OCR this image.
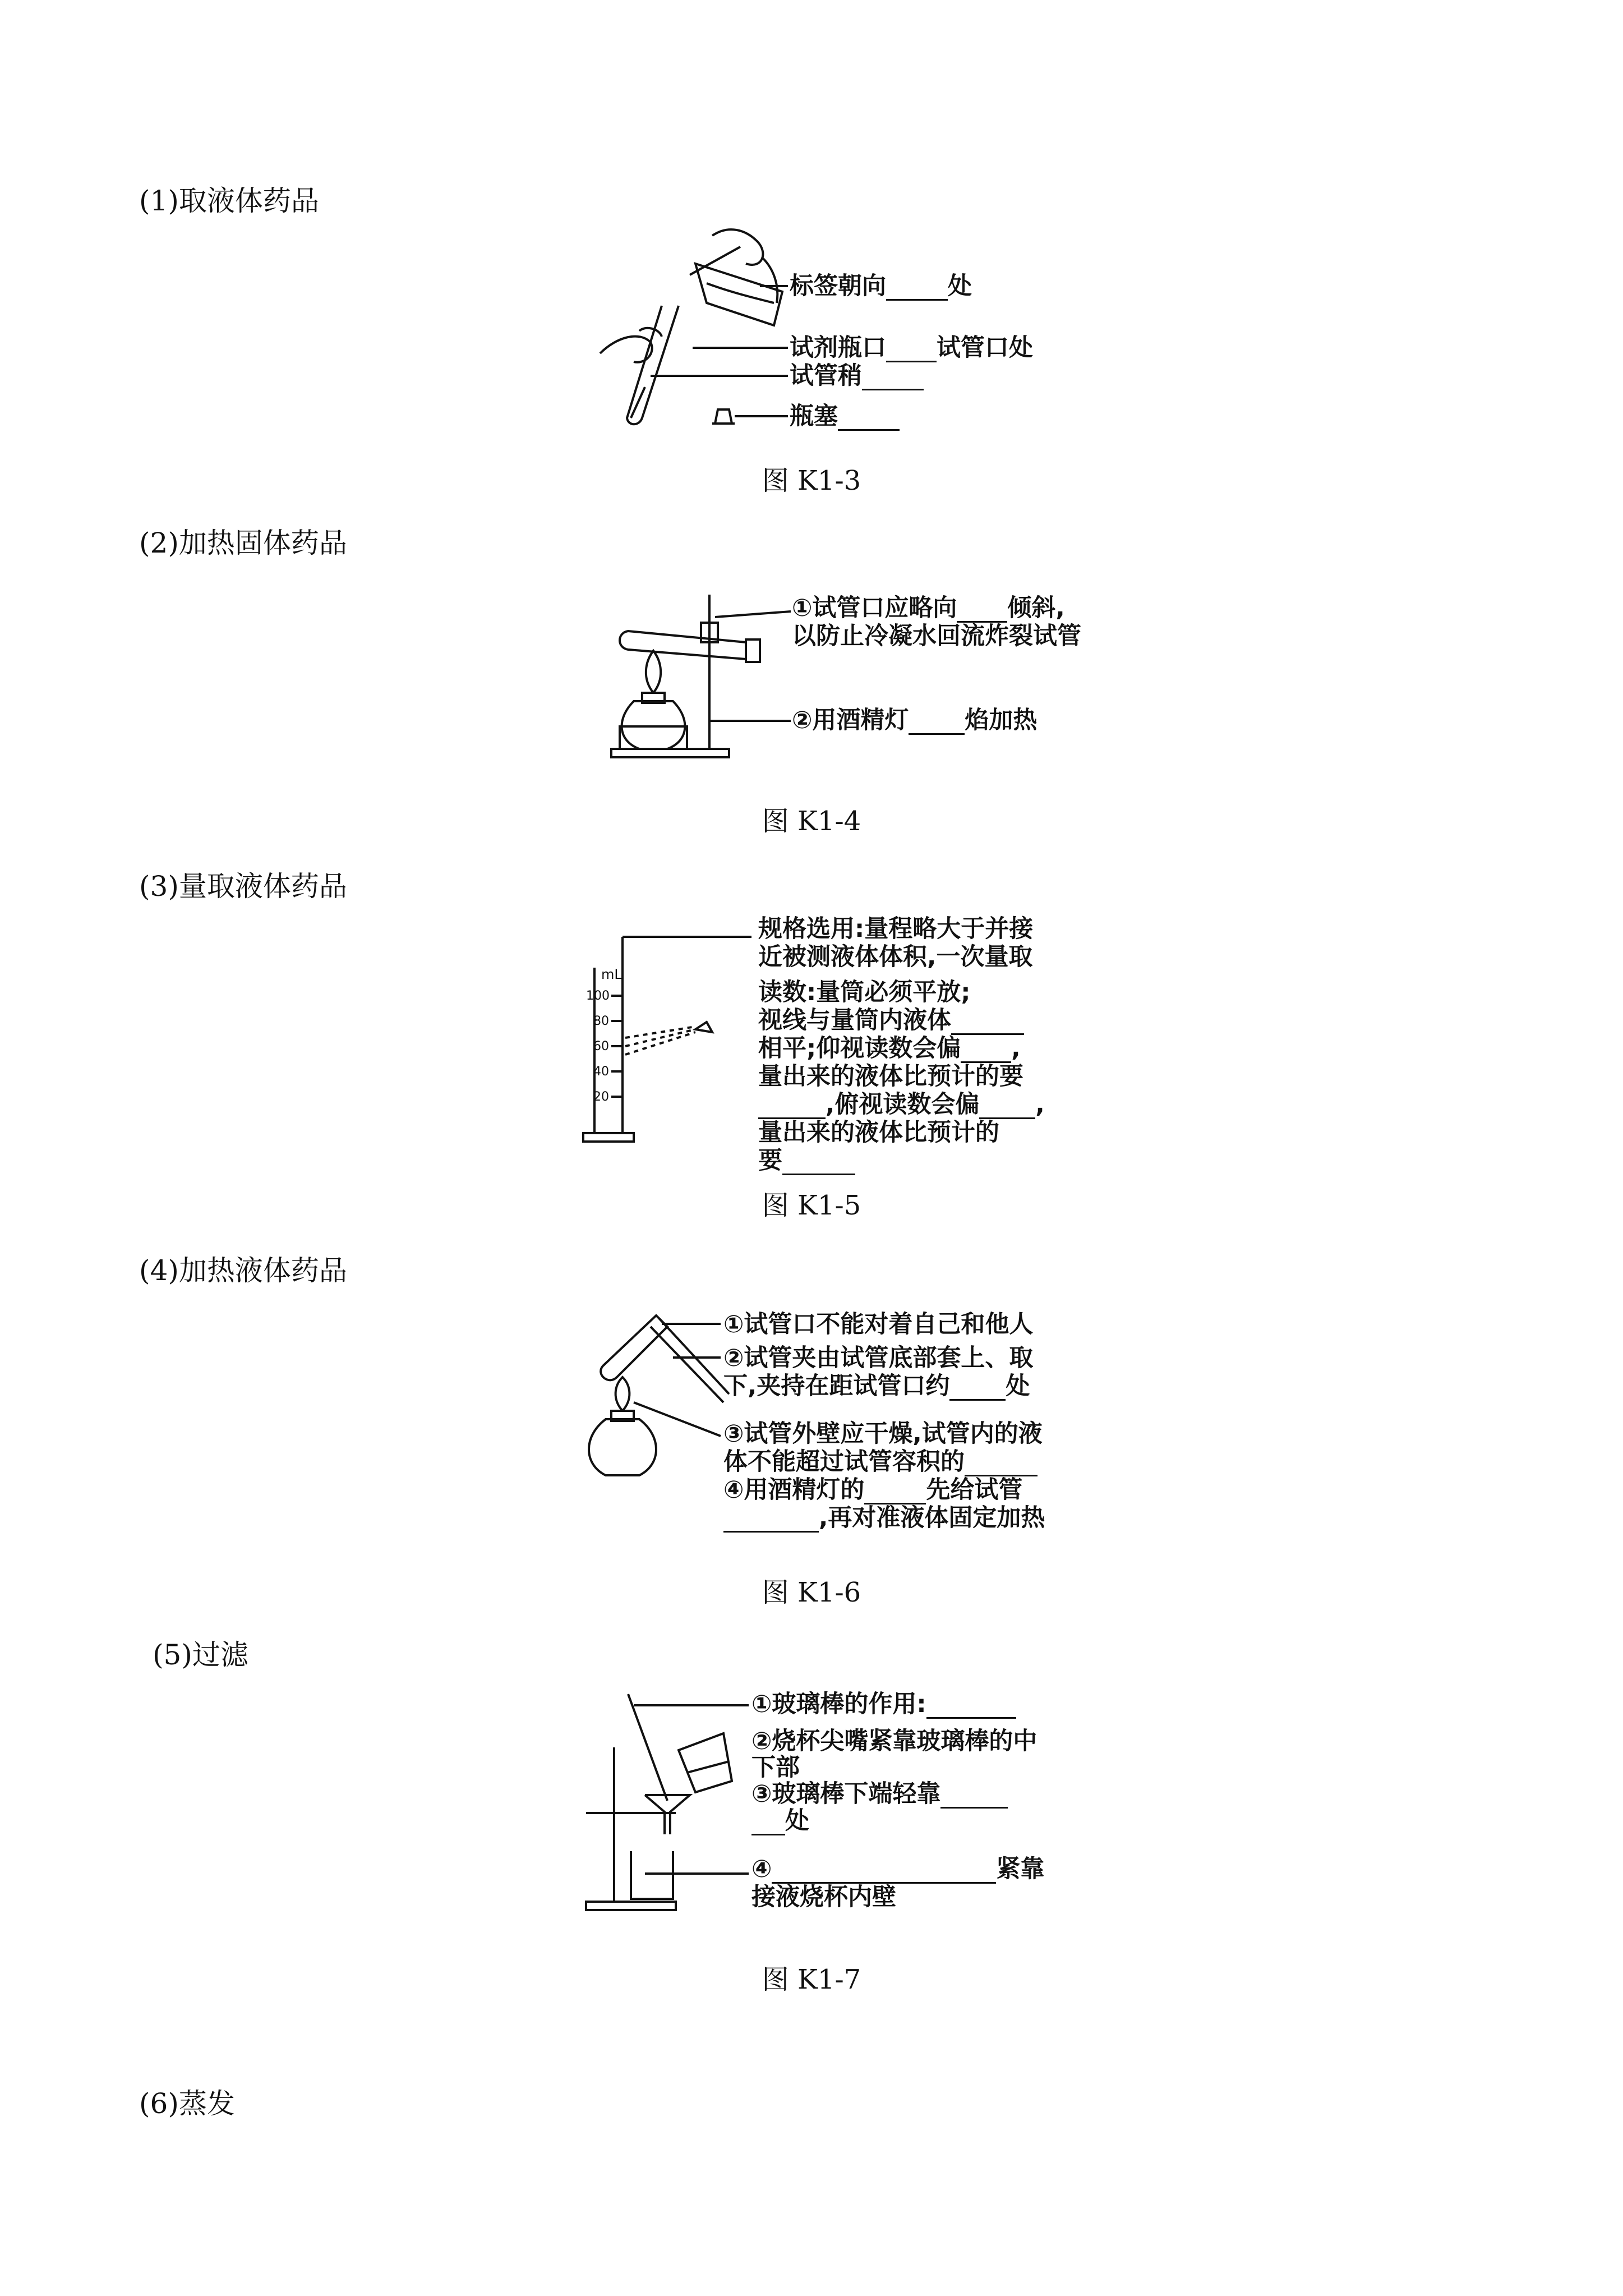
(1)取液体药品
(2)加热固体药品
(3)量取液体药品
(4)加热液体药品
(5)过滤
(6)蒸发
图 K1-3
图 K1-4
图 K1-5
图 K1-6
图 K1-7
标签朝向	处
试剂瓶口 试管口处
试管稍
瓶塞
①试管口应略向 倾斜,
以防止冷凝水回流炸裂试管
②用酒精灯 焰加热
mL
100
80
60
40
20
规格选用:量程略大于并接
近被测液体体积,一次量取
读数:量筒必须平放;
视线与量筒内液体
相平;仰视读数会偏 ,
量出来的液体比预计的要
,俯视读数会偏 ,
量出来的液体比预计的
要
①试管口不能对着自己和他人
②试管夹由试管底部套上、取
下,夹持在距试管口约 处
③试管外壁应干燥,试管内的液
体不能超过试管容积的
④用酒精灯的	先给试管
,再对准液体固定加热
①玻璃棒的作用:
②烧杯尖嘴紧靠玻璃棒的中
下部
③玻璃棒下端轻靠
处
④	紧靠
接液烧杯内壁
